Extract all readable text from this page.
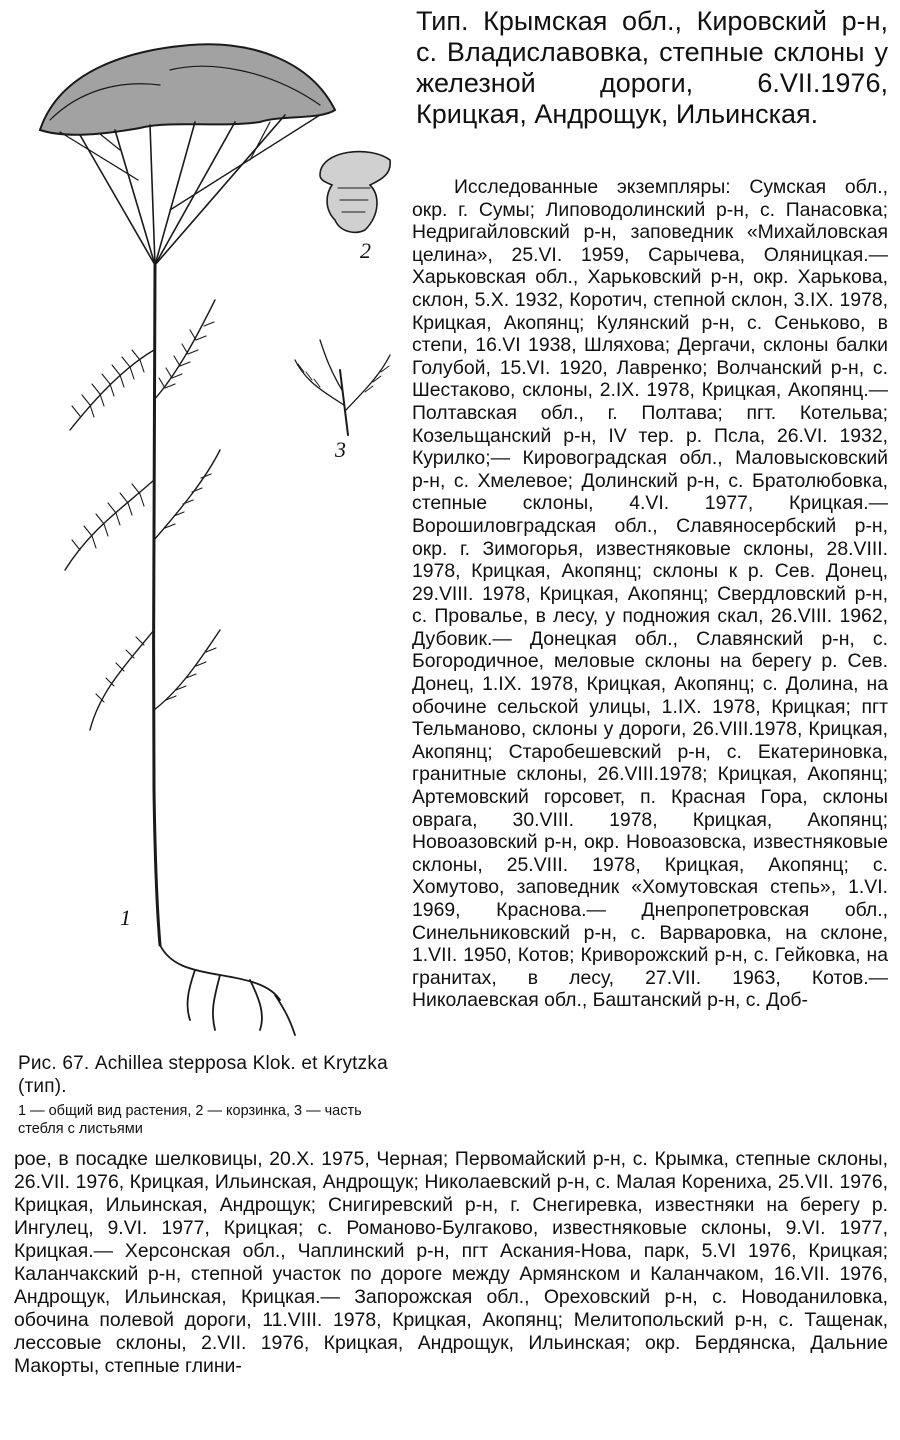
1
2
3
Рис. 67. Achillea stepposa Klok. et Krytzka (тип).
1 — общий вид растения, 2 — корзинка, 3 — часть стебля с листьями
Тип. Крымская обл., Кировский р-н, с. Владиславовка, степные склоны у железной дороги, 6.VII.1976, Крицкая, Андрощук, Ильинская.

Исследованные экземпляры: Сумская обл., окр. г. Сумы; Липоводолинский р-н, с. Панасовка; Недригайловский р-н, заповедник «Михайловская целина», 25.VI. 1959, Сарычева, Оляницкая.— Харьковская обл., Харьковский р-н, окр. Харькова, склон, 5.X. 1932, Коротич, степной склон, 3.IX. 1978, Крицкая, Акопянц; Кулянский р-н, с. Сеньково, в степи, 16.VI 1938, Шляхова; Дергачи, склоны балки Голубой, 15.VI. 1920, Лавренко; Волчанский р-н, с. Шестаково, склоны, 2.IX. 1978, Крицкая, Акопянц.— Полтавская обл., г. Полтава; пгт. Котельва; Козельщанский р-н, IV тер. р. Псла, 26.VI. 1932, Курилко;— Кировоградская обл., Маловысковский р-н, с. Хмелевое; Долинский р-н, с. Братолюбовка, степные склоны, 4.VI. 1977, Крицкая.— Ворошиловградская обл., Славяносербский р-н, окр. г. Зимогорья, известняковые склоны, 28.VIII. 1978, Крицкая, Акопянц; склоны к р. Сев. Донец, 29.VIII. 1978, Крицкая, Акопянц; Свердловский р-н, с. Провалье, в лесу, у подножия скал, 26.VIII. 1962, Дубовик.— Донецкая обл., Славянский р-н, с. Богородичное, меловые склоны на берегу р. Сев. Донец, 1.IX. 1978, Крицкая, Акопянц; с. Долина, на обочине сельской улицы, 1.IX. 1978, Крицкая; пгт Тельманово, склоны у дороги, 26.VIII.1978, Крицкая, Акопянц; Старобешевский р-н, с. Екатериновка, гранитные склоны, 26.VIII.1978; Крицкая, Акопянц; Артемовский горсовет, п. Красная Гора, склоны оврага, 30.VIII. 1978, Крицкая, Акопянц; Новоазовский р-н, окр. Новоазовска, известняковые склоны, 25.VIII. 1978, Крицкая, Акопянц; с. Хомутово, заповедник «Хомутовская степь», 1.VI. 1969, Краснова.— Днепропетровская обл., Синельниковский р-н, с. Варваровка, на склоне, 1.VII. 1950, Котов; Криворожский р-н, с. Гейковка, на гранитах, в лесу, 27.VII. 1963, Котов.— Николаевская обл., Баштанский р-н, с. Доб-

рое, в посадке шелковицы, 20.X. 1975, Черная; Первомайский р-н, с. Крымка, степные склоны, 26.VII. 1976, Крицкая, Ильинская, Андрощук; Николаевский р-н, с. Малая Корениха, 25.VII. 1976, Крицкая, Ильинская, Андрощук; Снигиревский р-н, г. Снегиревка, известняки на берегу р. Ингулец, 9.VI. 1977, Крицкая; с. Романово-Булгаково, известняковые склоны, 9.VI. 1977, Крицкая.— Херсонская обл., Чаплинский р-н, пгт Аскания-Нова, парк, 5.VI 1976, Крицкая; Каланчакский р-н, степной участок по дороге между Армянском и Каланчаком, 16.VII. 1976, Андрощук, Ильинская, Крицкая.— Запорожская обл., Ореховский р-н, с. Новоданиловка, обочина полевой дороги, 11.VIII. 1978, Крицкая, Акопянц; Мелитопольский р-н, с. Тащенак, лессовые склоны, 2.VII. 1976, Крицкая, Андрощук, Ильинская; окр. Бердянска, Дальние Макорты, степные глини-
